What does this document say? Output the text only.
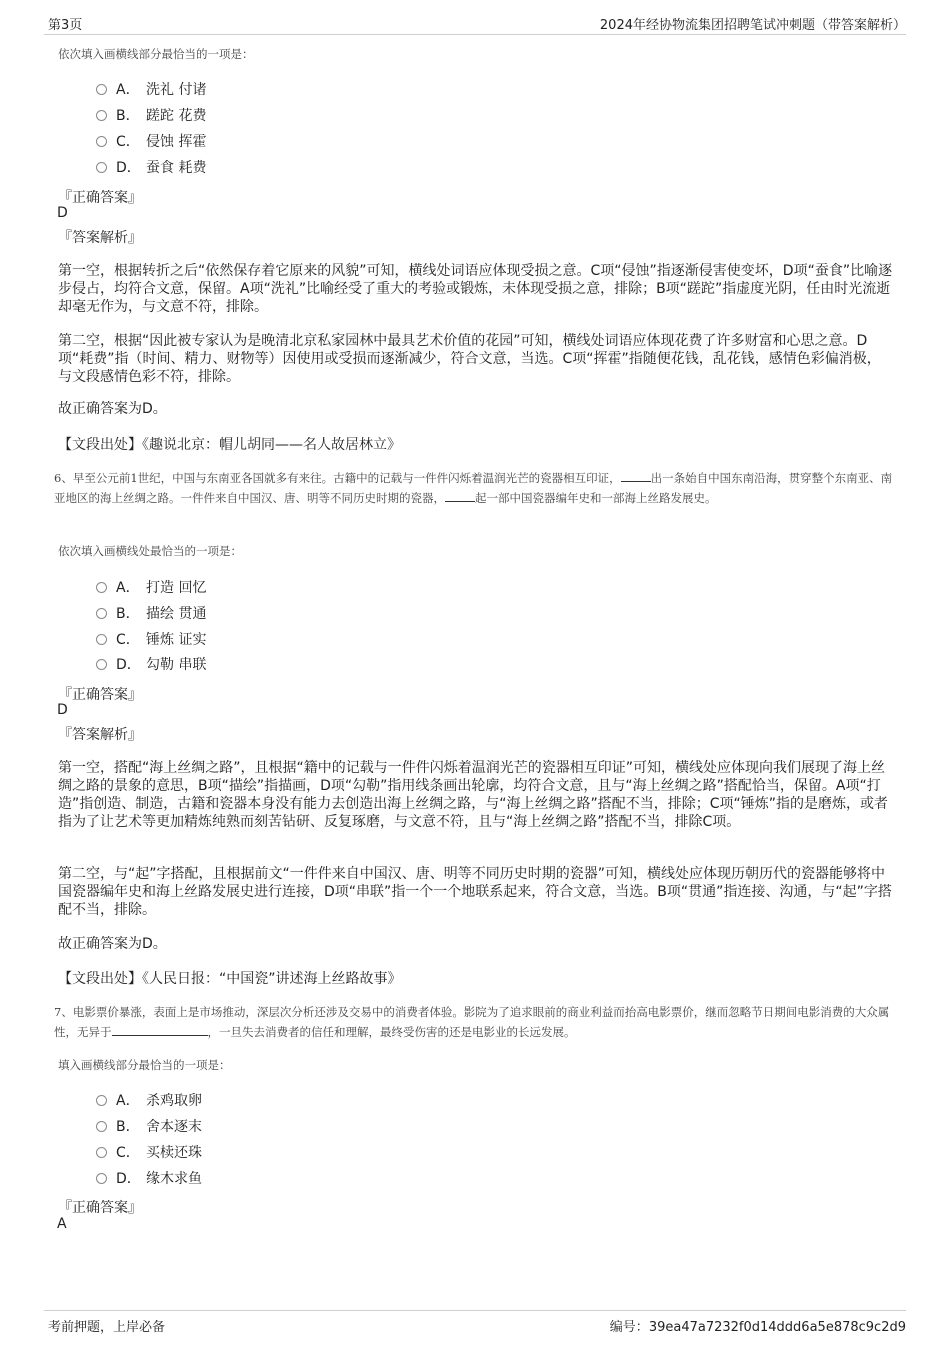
第3页	2024年经协物流集团招聘笔试冲刺题（带答案解析）
依次填入画横线部分最恰当的一项是：
A． 洗礼 付诸
B． 蹉跎 花费
C． 侵蚀 挥霍
D． 蚕食 耗费
『正确答案』
D
『答案解析』
第一空，根据转折之后“依然保存着它原来的风貌”可知，横线处词语应体现受损之意。C项“侵蚀”指逐渐侵害使变坏，D项“蚕食”比喻逐步侵占，均符合文意，保留。A项“洗礼”比喻经受了重大的考验或锻炼，未体现受损之意，排除；B项“蹉跎”指虚度光阴，任由时光流逝却毫无作为，与文意不符，排除。
第二空，根据“因此被专家认为是晚清北京私家园林中最具艺术价值的花园”可知，横线处词语应体现花费了许多财富和心思之意。D项“耗费”指（时间、精力、财物等）因使用或受损而逐渐减少，符合文意，当选。C项“挥霍”指随便花钱，乱花钱，感情色彩偏消极，与文段感情色彩不符，排除。
故正确答案为D。
【文段出处】《趣说北京：帽儿胡同——名人故居林立》
6、早至公元前1世纪，中国与东南亚各国就多有来往。古籍中的记载与一件件闪烁着温润光芒的瓷器相互印证，	出一条始自中国东南沿海，贯穿整个东南亚、南亚地区的海上丝绸之路。一件件来自中国汉、唐、明等不同历史时期的瓷器，	起一部中国瓷器编年史和一部海上丝路发展史。
依次填入画横线处最恰当的一项是：
A． 打造 回忆
B． 描绘 贯通
C． 锤炼 证实
D． 勾勒 串联
『正确答案』
D
『答案解析』
第一空，搭配“海上丝绸之路”，且根据“籍中的记载与一件件闪烁着温润光芒的瓷器相互印证”可知，横线处应体现向我们展现了海上丝绸之路的景象的意思，B项“描绘”指描画，D项“勾勒”指用线条画出轮廓，均符合文意，且与“海上丝绸之路”搭配恰当，保留。A项“打造”指创造、制造，古籍和瓷器本身没有能力去创造出海上丝绸之路，与“海上丝绸之路”搭配不当，排除；C项“锤炼”指的是磨炼，或者指为了让艺术等更加精炼纯熟而刻苦钻研、反复琢磨，与文意不符，且与“海上丝绸之路”搭配不当，排除C项。
第二空，与“起”字搭配，且根据前文“一件件来自中国汉、唐、明等不同历史时期的瓷器”可知，横线处应体现历朝历代的瓷器能够将中国瓷器编年史和海上丝路发展史进行连接，D项“串联”指一个一个地联系起来，符合文意，当选。B项“贯通”指连接、沟通，与“起”字搭配不当，排除。
故正确答案为D。
【文段出处】《人民日报：“中国瓷”讲述海上丝路故事》
7、电影票价暴涨，表面上是市场推动，深层次分析还涉及交易中的消费者体验。影院为了追求眼前的商业利益而抬高电影票价，继而忽略节日期间电影消费的大众属性，无异于	，一旦失去消费者的信任和理解，最终受伤害的还是电影业的长远发展。
填入画横线部分最恰当的一项是：
A． 杀鸡取卵
B． 舍本逐末
C． 买椟还珠
D． 缘木求鱼
『正确答案』
A
考前押题，上岸必备	编号：39ea47a7232f0d14ddd6a5e878c9c2d9
